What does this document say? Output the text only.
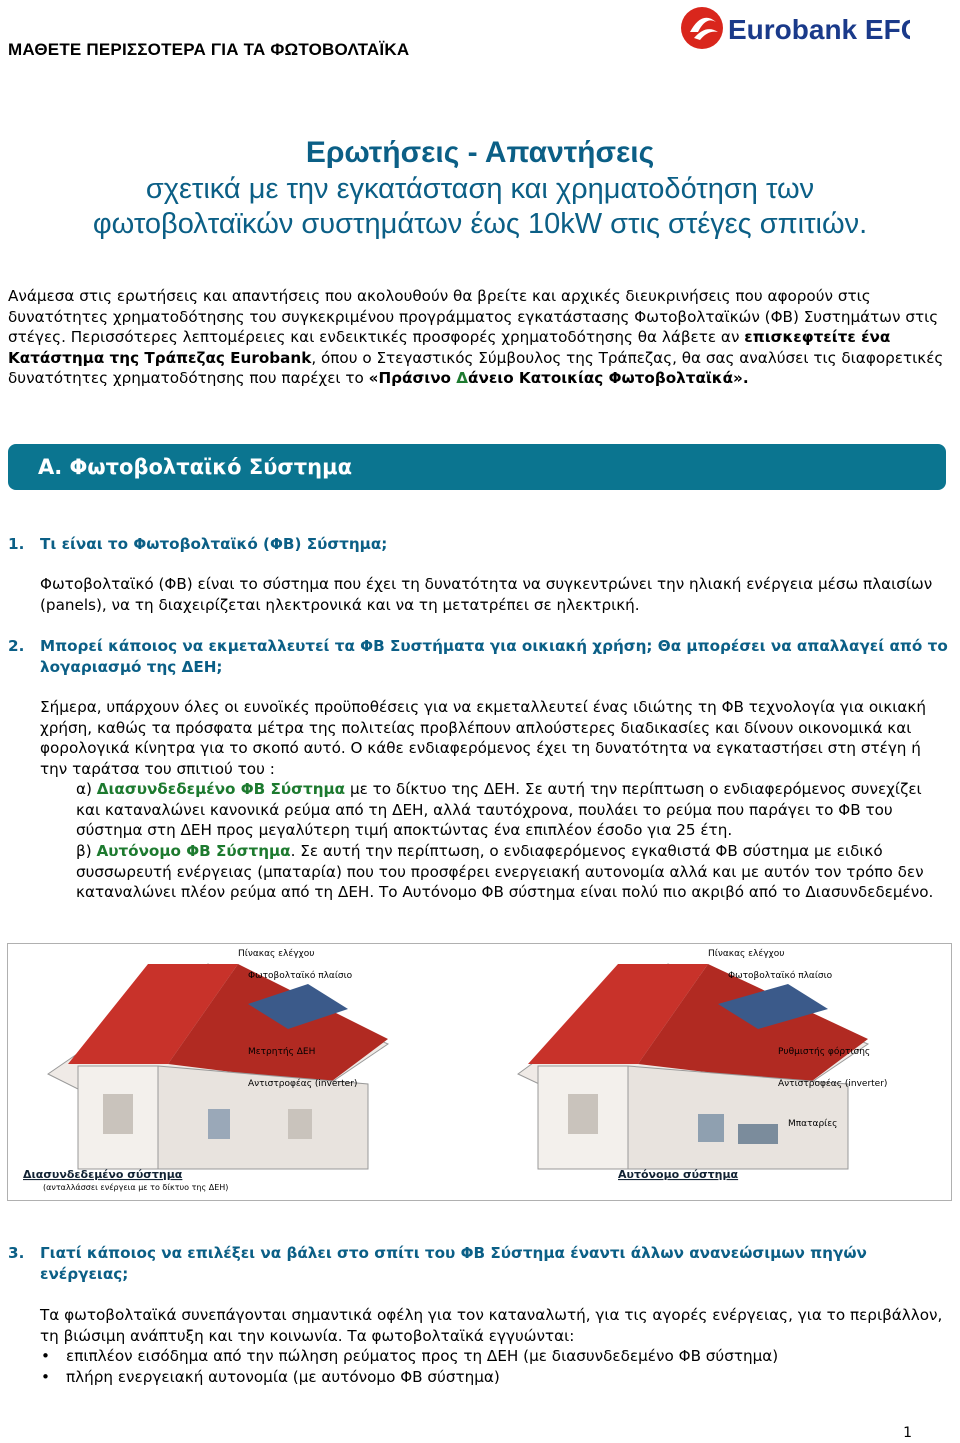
ΜΑΘΕΤΕ ΠΕΡΙΣΣΟΤΕΡΑ ΓΙΑ ΤΑ ΦΩΤΟΒΟΛΤΑΪΚΑ
Eurobank EFG
Ερωτήσεις - Απαντήσεις
σχετικά με την εγκατάσταση και χρηματοδότηση των
φωτοβολταϊκών συστημάτων έως 10kW στις στέγες σπιτιών.
Ανάμεσα στις ερωτήσεις και απαντήσεις που ακολουθούν θα βρείτε και αρχικές διευκρινήσεις που αφορούν στις δυνατότητες χρηματοδότησης του συγκεκριμένου προγράμματος εγκατάστασης Φωτοβολταϊκών (ΦΒ) Συστημάτων στις στέγες. Περισσότερες λεπτομέρειες και ενδεικτικές προσφορές χρηματοδότησης θα λάβετε αν επισκεφτείτε ένα Κατάστημα της Τράπεζας Eurobank, όπου ο Στεγαστικός Σύμβουλος της Τράπεζας, θα σας αναλύσει τις διαφορετικές δυνατότητες χρηματοδότησης που παρέχει το «Πράσινο Δάνειο Κατοικίας Φωτοβολταϊκά».
Α. Φωτοβολταϊκό Σύστημα
1. Τι είναι το Φωτοβολταϊκό (ΦΒ) Σύστημα;
Φωτοβολταϊκό (ΦΒ) είναι το σύστημα που έχει τη δυνατότητα να συγκεντρώνει την ηλιακή ενέργεια μέσω πλαισίων (panels), να τη διαχειρίζεται ηλεκτρονικά και να τη μετατρέπει σε ηλεκτρική.
2. Μπορεί κάποιος να εκμεταλλευτεί τα ΦΒ Συστήματα για οικιακή χρήση; Θα μπορέσει να απαλλαγεί από το λογαριασμό της ΔΕΗ;
Σήμερα, υπάρχουν όλες οι ευνοϊκές προϋποθέσεις για να εκμεταλλευτεί ένας ιδιώτης τη ΦΒ τεχνολογία για οικιακή χρήση, καθώς τα πρόσφατα μέτρα της πολιτείας προβλέπουν απλούστερες διαδικασίες και δίνουν οικονομικά και φορολογικά κίνητρα για το σκοπό αυτό. Ο κάθε ενδιαφερόμενος έχει τη δυνατότητα να εγκαταστήσει στη στέγη ή την ταράτσα του σπιτιού του :
α) Διασυνδεδεμένο ΦΒ Σύστημα με το δίκτυο της ΔΕΗ. Σε αυτή την περίπτωση ο ενδιαφερόμενος συνεχίζει και καταναλώνει κανονικά ρεύμα από τη ΔΕΗ, αλλά ταυτόχρονα, πουλάει το ρεύμα που παράγει το ΦΒ του σύστημα στη ΔΕΗ προς μεγαλύτερη τιμή αποκτώντας ένα επιπλέον έσοδο για 25 έτη.
β) Αυτόνομο ΦΒ Σύστημα. Σε αυτή την περίπτωση, ο ενδιαφερόμενος εγκαθιστά ΦΒ σύστημα με ειδικό συσσωρευτή ενέργειας (μπαταρία) που του προσφέρει ενεργειακή αυτονομία αλλά και με αυτόν τον τρόπο δεν καταναλώνει πλέον ρεύμα από τη ΔΕΗ. Το Αυτόνομο ΦΒ σύστημα είναι πολύ πιο ακριβό από το Διασυνδεδεμένο.
Πίνακας ελέγχου
Φωτοβολταϊκό πλαίσιο
Μετρητής ΔΕΗ
Αντιστροφέας (inverter)
Διασυνδεδεμένο σύστημα
(ανταλλάσσει ενέργεια με το δίκτυο της ΔΕΗ)
Πίνακας ελέγχου
Φωτοβολταϊκό πλαίσιο
Ρυθμιστής φόρτισης
Αντιστροφέας (inverter)
Μπαταρίες
Αυτόνομο σύστημα
3. Γιατί κάποιος να επιλέξει να βάλει στο σπίτι του ΦΒ Σύστημα έναντι άλλων ανανεώσιμων πηγών ενέργειας;
Τα φωτοβολταϊκά συνεπάγονται σημαντικά οφέλη για τον καταναλωτή, για τις αγορές ενέργειας, για το περιβάλλον, τη βιώσιμη ανάπτυξη και την κοινωνία. Τα φωτοβολταϊκά εγγυώνται:
• επιπλέον εισόδημα από την πώληση ρεύματος προς τη ΔΕΗ (με διασυνδεδεμένο ΦΒ σύστημα)
• πλήρη ενεργειακή αυτονομία (με αυτόνομο ΦΒ σύστημα)
1
